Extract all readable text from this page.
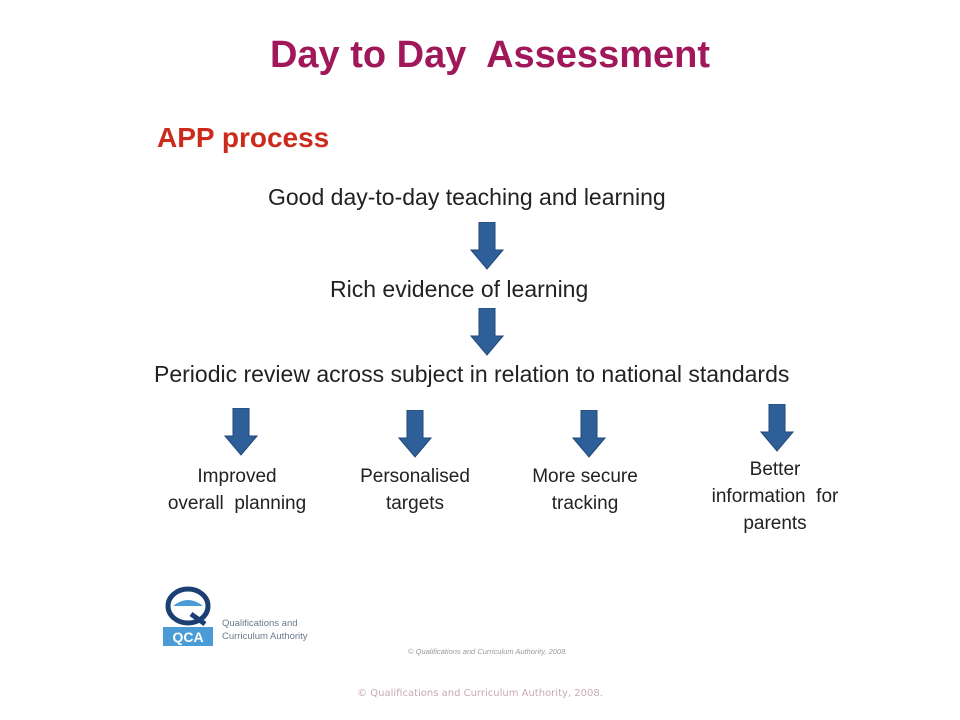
Day to Day  Assessment
APP process
Good day-to-day teaching and learning
Rich evidence of learning
Periodic review across subject in relation to national standards
Improved
overall  planning
Personalised
targets
More secure
tracking
Better
information  for
parents
QCA
Qualifications and
Curriculum Authority
© Qualifications and Curriculum Authority, 2008.
© Qualifications and Curriculum Authority, 2008.
